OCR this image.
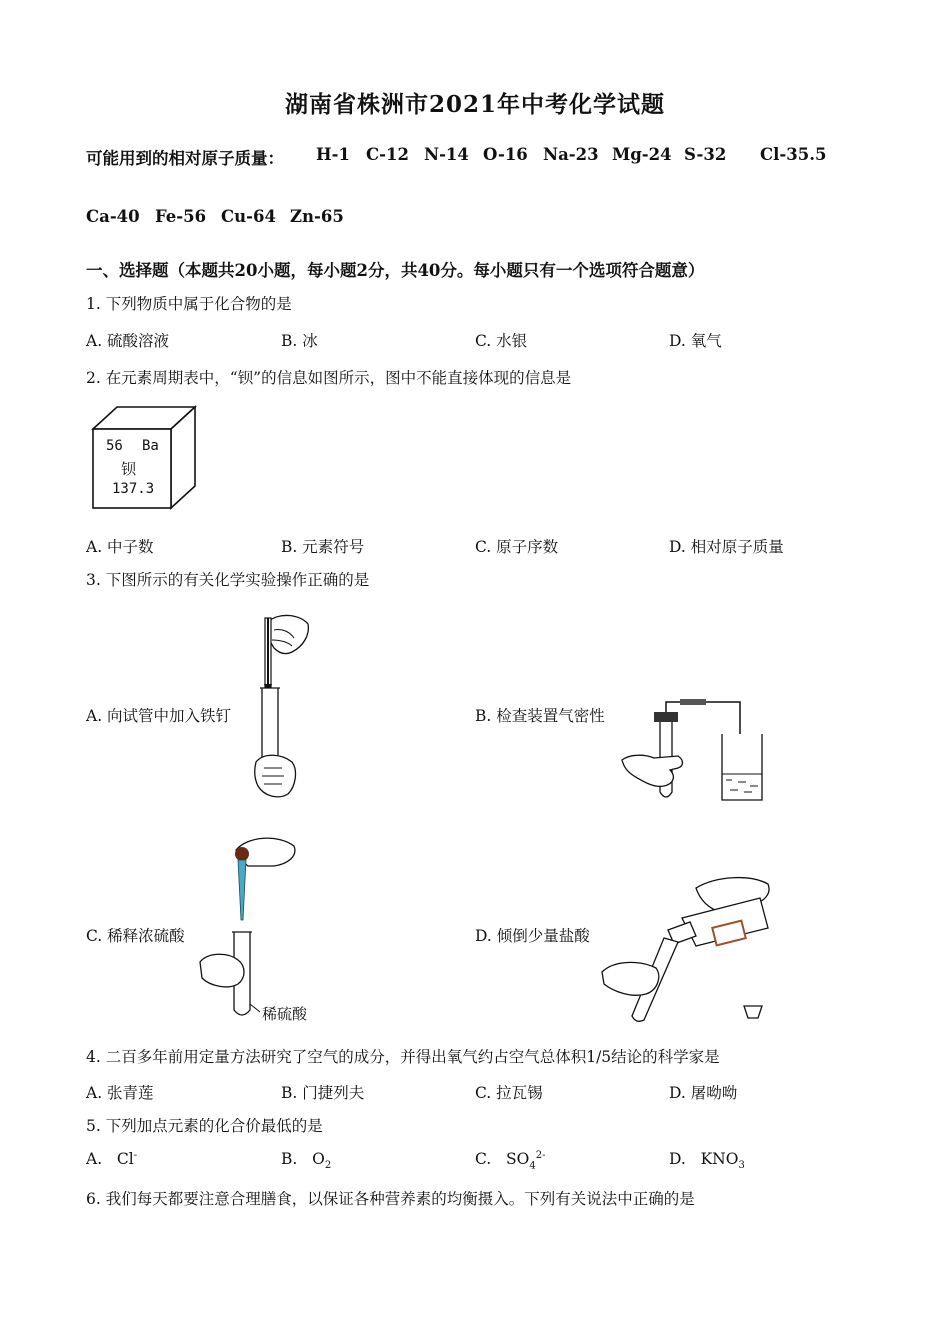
湖南省株洲市2021年中考化学试题
可能用到的相对原子质量： H-1 C-12 N-14 O-16 Na-23 Mg-24 S-32 Cl-35.5
Ca-40 Fe-56 Cu-64 Zn-65
一、选择题（本题共20小题，每小题2分，共40分。每小题只有一个选项符合题意）
1. 下列物质中属于化合物的是
A. 硫酸溶液	B. 冰	C. 水银	D. 氧气
2. 在元素周期表中，“钡”的信息如图所示，图中不能直接体现的信息是
56 Ba
钡
137.3
A. 中子数	B. 元素符号	C. 原子序数	D. 相对原子质量
3. 下图所示的有关化学实验操作正确的是
A. 向试管中加入铁钉	B. 检查装置气密性
C. 稀释浓硫酸	D. 倾倒少量盐酸
稀硫酸
4. 二百多年前用定量方法研究了空气的成分，并得出氧气约占空气总体积1/5结论的科学家是
A. 张青莲	B. 门捷列夫	C. 拉瓦锡	D. 屠呦呦
5. 下列加点元素的化合价最低的是
A. Cl-	B. $O_2$	C. $SO_4^{2-}$	D. $KNO_3$
6. 我们每天都要注意合理膳食，以保证各种营养素的均衡摄入。下列有关说法中正确的是
